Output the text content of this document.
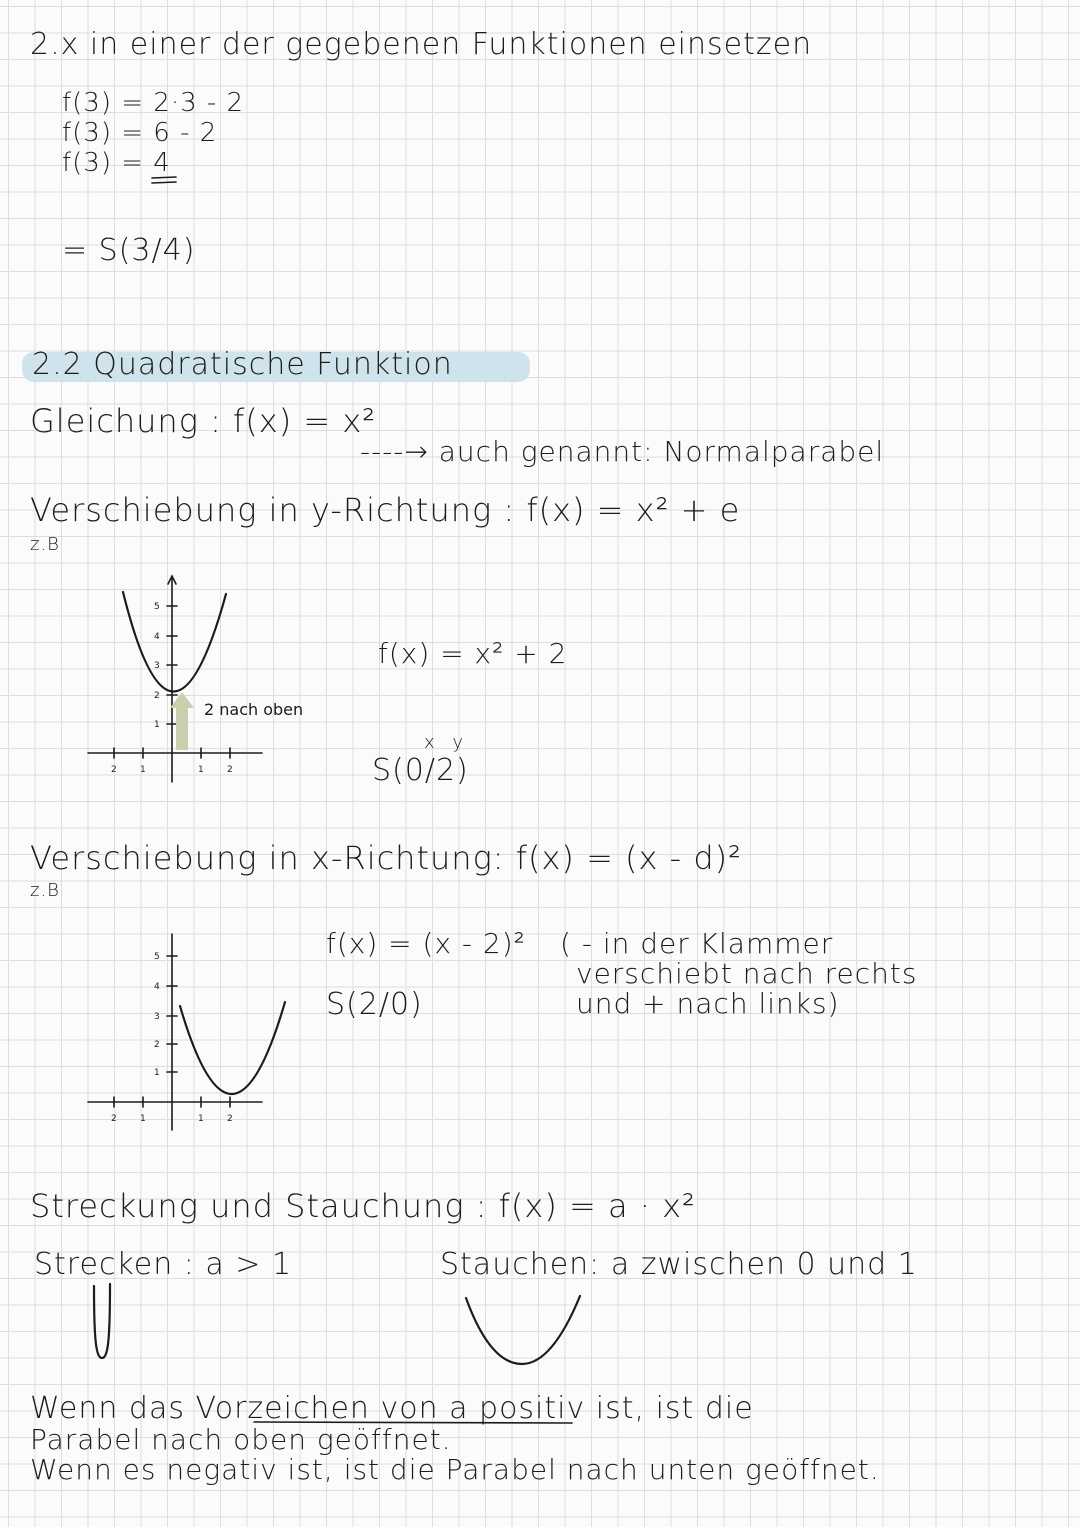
2.x in einer der gegebenen Funktionen einsetzen
f(3) = 2·3 - 2
f(3) = 6 - 2
f(3) = 4
= S(3/4)
2.2 Quadratische Funktion
Gleichung : f(x) = x²
----→ auch genannt: Normalparabel
Verschiebung in y-Richtung : f(x) = x² + e
z.B
5
4
3
2
1
2	1	1	2
2 nach oben
f(x) = x² + 2
x y
S(0/2)
Verschiebung in x-Richtung: f(x) = (x - d)²
z.B
5
4
3
2
1
2	1	1	2
f(x) = (x - 2)²
S(2/0)
( - in der Klammer
verschiebt nach rechts
und + nach links)
Streckung und Stauchung : f(x) = a · x²
Strecken : a > 1	Stauchen: a zwischen 0 und 1
Wenn das Vorzeichen von a positiv ist, ist die
Parabel nach oben geöffnet.
Wenn es negativ ist, ist die Parabel nach unten geöffnet.
